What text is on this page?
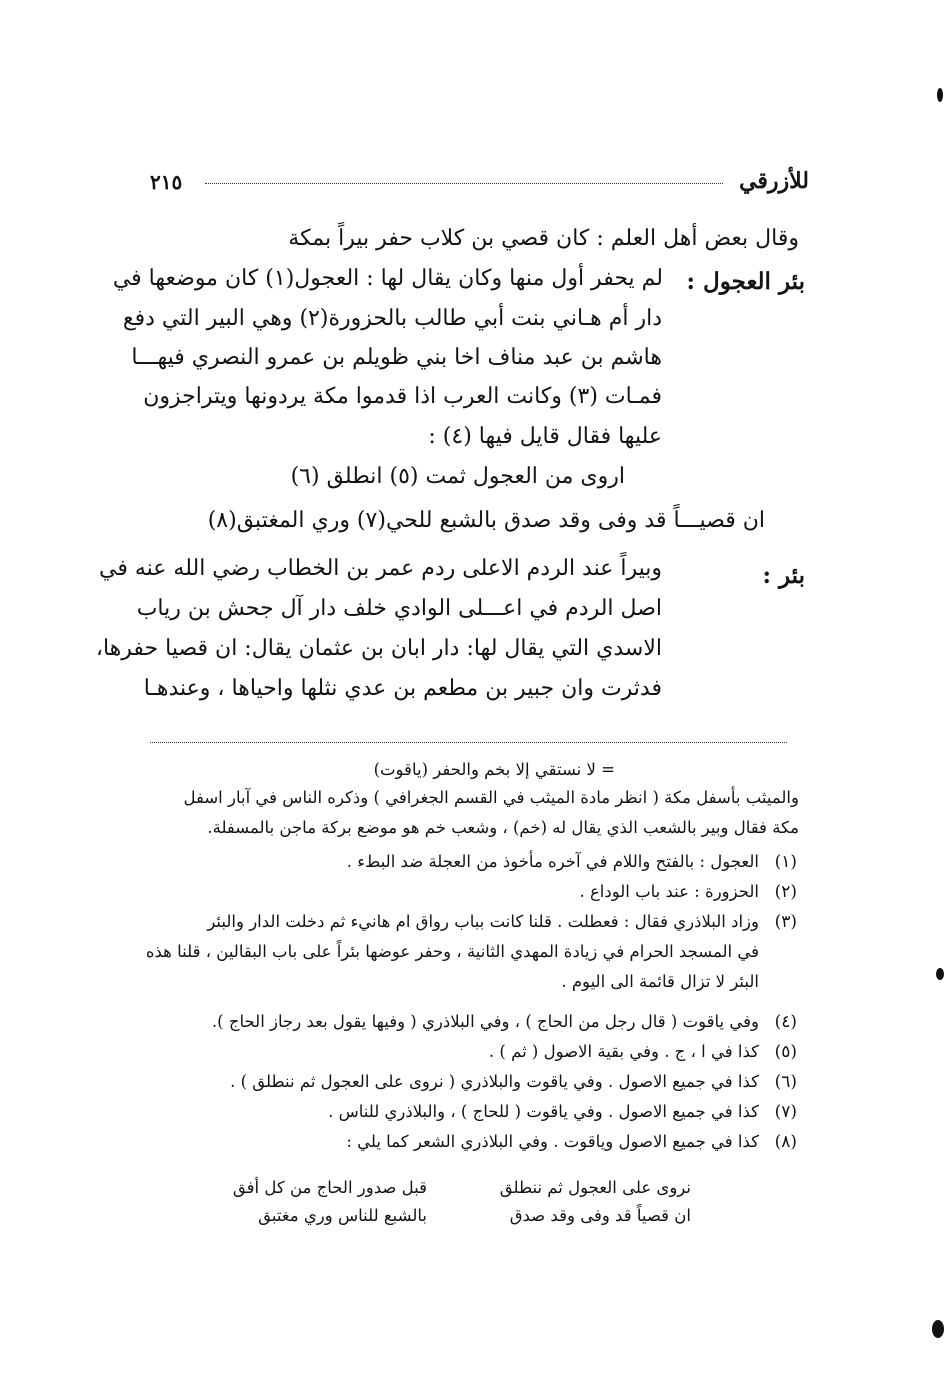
للأزرقي
٢١٥
وقال بعض أهل العلم : كان قصي بن كلاب حفر بيراً بمكة
بئر العجول :
لم يحفر أول منها وكان يقال لها : العجول(١) كان موضعها في
دار أم هـاني بنت أبي طالب بالحزورة(٢) وهي البير التي دفع
هاشم بن عبد مناف اخا بني ظويلم بن عمرو النصري فيهـــا
فمـات (٣) وكانت العرب اذا قدموا مكة يردونها ويتراجزون
عليها فقال قايل فيها (٤) :
اروى من العجول ثمت (٥) انطلق (٦)
ان قصيـــاً قد وفى وقد صدق بالشبع للحي(٧) وري المغتبق(٨)
بئر :
وبيراً عند الردم الاعلى ردم عمر بن الخطاب رضي الله عنه في
اصل الردم في اعـــلى الوادي خلف دار آل جحش بن رياب
الاسدي التي يقال لها: دار ابان بن عثمان يقال: ان قصيا حفرها،
فدثرت وان جبير بن مطعم بن عدي نثلها واحياها ، وعندهـا
= لا نستقي إلا بخم والحفر (ياقوت)
والميثب بأسفل مكة ( انظر مادة الميثب في القسم الجغرافي ) وذكره الناس في آبار اسفل
مكة فقال وبير بالشعب الذي يقال له (خم) ، وشعب خم هو موضع بركة ماجن بالمسفلة.
(١)
العجول : بالفتح واللام في آخره مأخوذ من العجلة ضد البطء .
(٢)
الحزورة : عند باب الوداع .
(٣)
وزاد البلاذري فقال : فعطلت . قلنا كانت بباب رواق ام هانيء ثم دخلت الدار والبئر
في المسجد الحرام في زيادة المهدي الثانية ، وحفر عوضها بئراً على باب البقالين ، قلنا هذه
البئر لا تزال قائمة الى اليوم .
(٤)
وفي ياقوت ( قال رجل من الحاج ) ، وفي البلاذري ( وفيها يقول بعد رجاز الحاج ).
(٥)
كذا في ا ، ج . وفي بقية الاصول ( ثم ) .
(٦)
كذا في جميع الاصول . وفي ياقوت والبلاذري ( نروى على العجول ثم ننطلق ) .
(٧)
كذا في جميع الاصول . وفي ياقوت ( للحاج ) ، والبلاذري للناس .
(٨)
كذا في جميع الاصول وياقوت . وفي البلاذري الشعر كما يلي :
نروى على العجول ثم ننطلق
قبل صدور الحاج من كل أفق
ان قصياً قد وفى وقد صدق
بالشبع للناس وري مغتبق
